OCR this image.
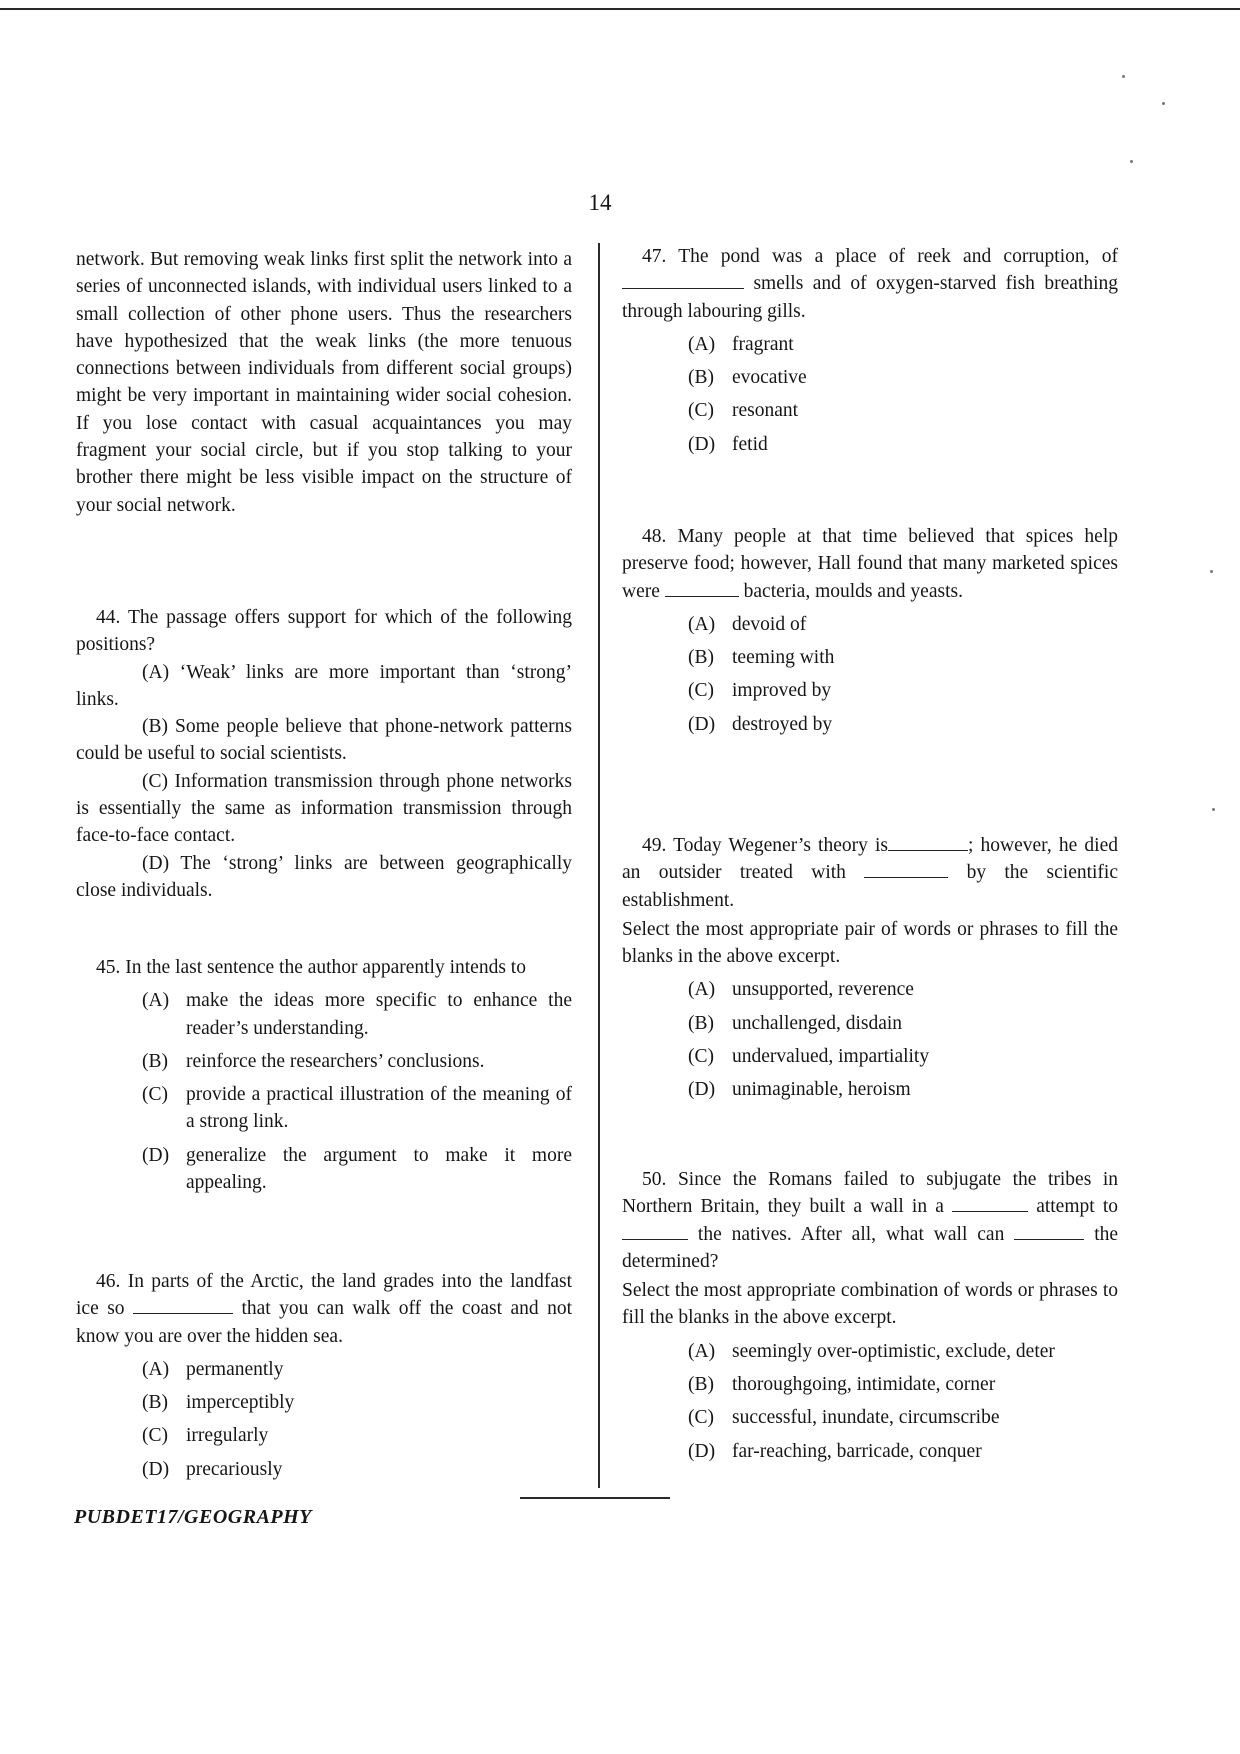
14

network. But removing weak links first split the network into a series of unconnected islands, with individual users linked to a small collection of other phone users. Thus the researchers have hypothesized that the weak links (the more tenuous connections between individuals from different social groups) might be very important in maintaining wider social cohesion. If you lose contact with casual acquaintances you may fragment your social circle, but if you stop talking to your brother there might be less visible impact on the structure of your social network.

44. The passage offers support for which of the following positions?

(A) ‘Weak’ links are more important than ‘strong’ links.

(B) Some people believe that phone-network patterns could be useful to social scientists.

(C) Information transmission through phone networks is essentially the same as information transmission through face-to-face contact.

(D) The ‘strong’ links are between geographically close individuals.

45. In the last sentence the author apparently intends to

(A) make the ideas more specific to enhance the reader’s understanding.
(B) reinforce the researchers’ conclusions.
(C) provide a practical illustration of the meaning of a strong link.
(D) generalize the argument to make it more appealing.

46. In parts of the Arctic, the land grades into the landfast ice so	that you can walk off the coast and not know you are over the hidden sea.

(A) permanently
(B) imperceptibly
(C) irregularly
(D) precariously

47. The pond was a place of reek and corruption, of  smells and of oxygen-starved fish breathing through labouring gills.

(A) fragrant
(B) evocative
(C) resonant
(D) fetid

48. Many people at that time believed that spices help preserve food; however, Hall found that many marketed spices were	bacteria, moulds and yeasts.

(A) devoid of
(B) teeming with
(C) improved by
(D) destroyed by

49. Today Wegener’s theory is	; however, he died an outsider treated with	by the scientific establishment.

Select the most appropriate pair of words or phrases to fill the blanks in the above excerpt.

(A) unsupported, reverence
(B) unchallenged, disdain
(C) undervalued, impartiality
(D) unimaginable, heroism

50. Since the Romans failed to subjugate the tribes in Northern Britain, they built a wall in a	attempt to  the natives. After all, what wall can	the determined?

Select the most appropriate combination of words or phrases to fill the blanks in the above excerpt.

(A) seemingly over-optimistic, exclude, deter
(B) thoroughgoing, intimidate, corner
(C) successful, inundate, circumscribe
(D) far-reaching, barricade, conquer
PUBDET17/GEOGRAPHY
